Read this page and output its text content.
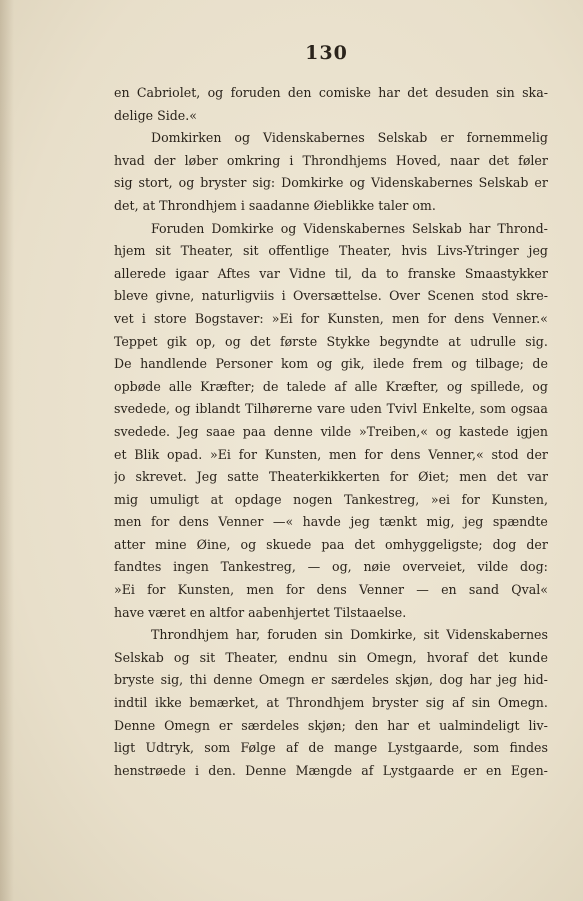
130
en Cabriolet, og foruden den comiske har det desuden sin ska-
delige Side.«
Domkirken og Videnskabernes Selskab er fornemmelig
hvad der løber omkring i Throndhjems Hoved, naar det føler
sig stort, og bryster sig: Domkirke og Videnskabernes Selskab er
det, at Throndhjem i saadanne Øieblikke taler om.
Foruden Domkirke og Videnskabernes Selskab har Thrond-
hjem sit Theater, sit offentlige Theater, hvis Livs-Ytringer jeg
allerede igaar Aftes var Vidne til, da to franske Smaastykker
bleve givne, naturligviis i Oversættelse. Over Scenen stod skre-
vet i store Bogstaver: »Ei for Kunsten, men for dens Venner.«
Teppet gik op, og det første Stykke begyndte at udrulle sig.
De handlende Personer kom og gik, ilede frem og tilbage; de
opbøde alle Kræfter; de talede af alle Kræfter, og spillede, og
svedede, og iblandt Tilhørerne vare uden Tvivl Enkelte, som ogsaa
svedede. Jeg saae paa denne vilde »Treiben,« og kastede igjen
et Blik opad. »Ei for Kunsten, men for dens Venner,« stod der
jo skrevet. Jeg satte Theaterkikkerten for Øiet; men det var
mig umuligt at opdage nogen Tankestreg, »ei for Kunsten,
men for dens Venner —« havde jeg tænkt mig, jeg spændte
atter mine Øine, og skuede paa det omhyggeligste; dog der
fandtes ingen Tankestreg, — og, nøie overveiet, vilde dog:
»Ei for Kunsten, men for dens Venner — en sand Qval«
have været en altfor aabenhjertet Tilstaaelse.
Throndhjem har, foruden sin Domkirke, sit Videnskabernes
Selskab og sit Theater, endnu sin Omegn, hvoraf det kunde
bryste sig, thi denne Omegn er særdeles skjøn, dog har jeg hid-
indtil ikke bemærket, at Throndhjem bryster sig af sin Omegn.
Denne Omegn er særdeles skjøn; den har et ualmindeligt liv-
ligt Udtryk, som Følge af de mange Lystgaarde, som findes
henstrøede i den. Denne Mængde af Lystgaarde er en Egen-
